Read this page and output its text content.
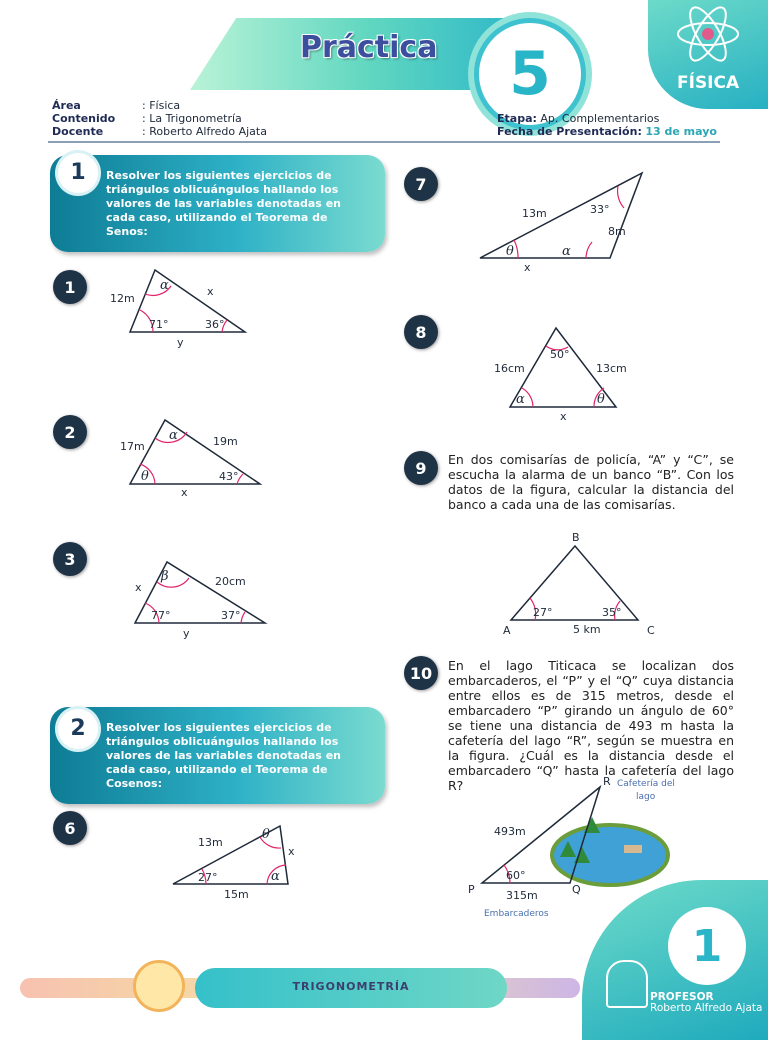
Práctica 5	FÍSICA
Área	: Física
Contenido : La Trigonometría
Docente	: Roberto Alfredo Ajata
Etapa: Ap. Complementarios
Fecha de Presentación: 13 de mayo
1	Resolver los siguientes ejercicios de triángulos oblicuángulos hallando los valores de las variables denotadas en cada caso, utilizando el Teorema de Senos:
1	α
12m
x
71°	36°
y
2	α
17m	19m
θ	43°
x
3
β
x	20cm
77°	37°
y
2	Resolver los siguientes ejercicios de triángulos oblicuángulos hallando los valores de las variables denotadas en cada caso, utilizando el Teorema de Cosenos:
6	θ
13m
x
27°	α
15m
7
33°
13m
8m
θ	α
x
8
50°
16cm	13cm
α	θ
x
9	En dos comisarías de policía, “A” y “C”, se escucha la alarma de un banco “B”. Con los datos de la figura, calcular la distancia del banco a cada una de las comisarías.
B
A	C
27°	35°
5 km
10	En el lago Titicaca se localizan dos embarcaderos, el “P” y el “Q” cuya distancia entre ellos es de 315 metros, desde el embarcadero “P” girando un ángulo de 60° se tiene una distancia de 493 m hasta la cafetería del lago “R”, según se muestra en la figura. ¿Cuál es la distancia desde el embarcadero “Q” hasta la cafetería del lago R?	R Cafetería del
lago
493m
60°
P	Q
315m
Embarcaderos
TRIGONOMETRÍA
1
PROFESOR
Roberto Alfredo Ajata
